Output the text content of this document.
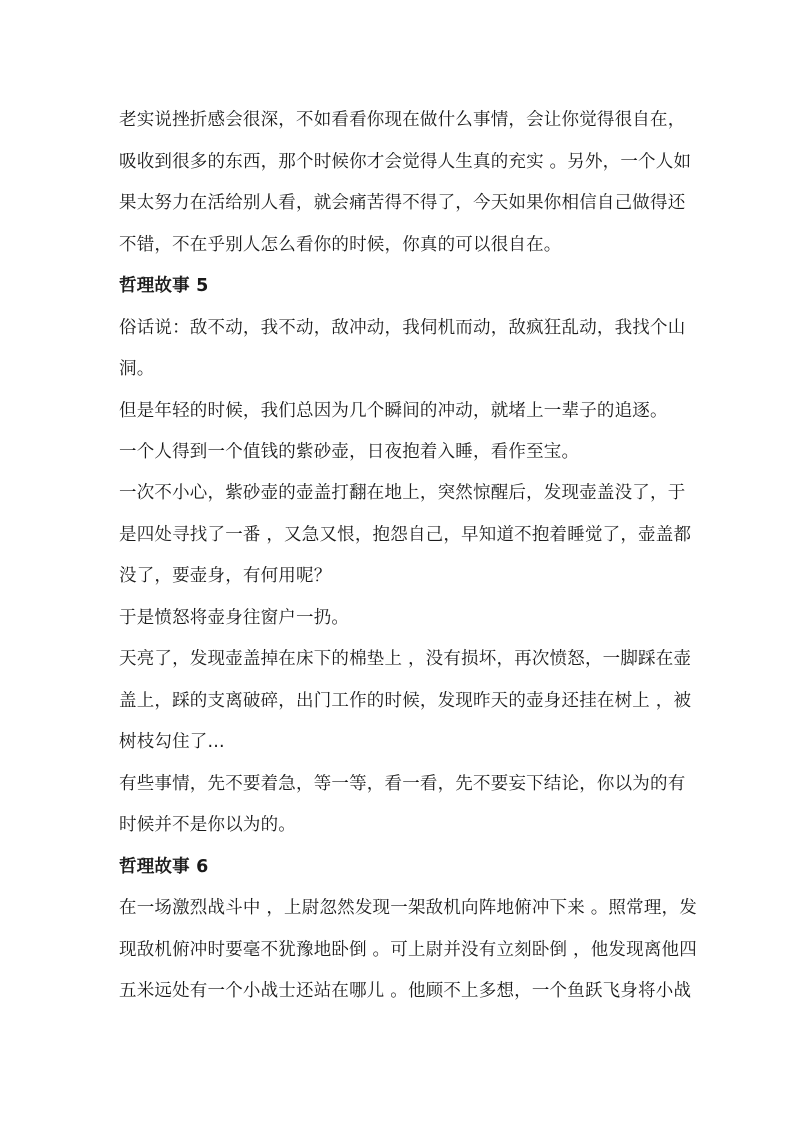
老实说挫折感会很深，不如看看你现在做什么事情，会让你觉得很自在，
吸收到很多的东西，那个时候你才会觉得人生真的充实 。另外，一个人如
果太努力在活给别人看，就会痛苦得不得了，今天如果你相信自己做得还
不错，不在乎别人怎么看你的时候，你真的可以很自在。
哲理故事 5
俗话说：敌不动，我不动，敌冲动，我伺机而动，敌疯狂乱动，我找个山
洞。
但是年轻的时候，我们总因为几个瞬间的冲动，就堵上一辈子的追逐。
一个人得到一个值钱的紫砂壶，日夜抱着入睡，看作至宝。
一次不小心，紫砂壶的壶盖打翻在地上，突然惊醒后，发现壶盖没了，于
是四处寻找了一番 ，又急又恨，抱怨自己，早知道不抱着睡觉了，壶盖都
没了，要壶身，有何用呢？
于是愤怒将壶身往窗户一扔。
天亮了，发现壶盖掉在床下的棉垫上 ，没有损坏，再次愤怒，一脚踩在壶
盖上，踩的支离破碎，出门工作的时候，发现昨天的壶身还挂在树上 ，被
树枝勾住了...
有些事情，先不要着急，等一等，看一看，先不要妄下结论，你以为的有
时候并不是你以为的。
哲理故事 6
在一场激烈战斗中 ，上尉忽然发现一架敌机向阵地俯冲下来 。照常理，发
现敌机俯冲时要毫不犹豫地卧倒 。可上尉并没有立刻卧倒 ，他发现离他四
五米远处有一个小战士还站在哪儿 。他顾不上多想，一个鱼跃飞身将小战
